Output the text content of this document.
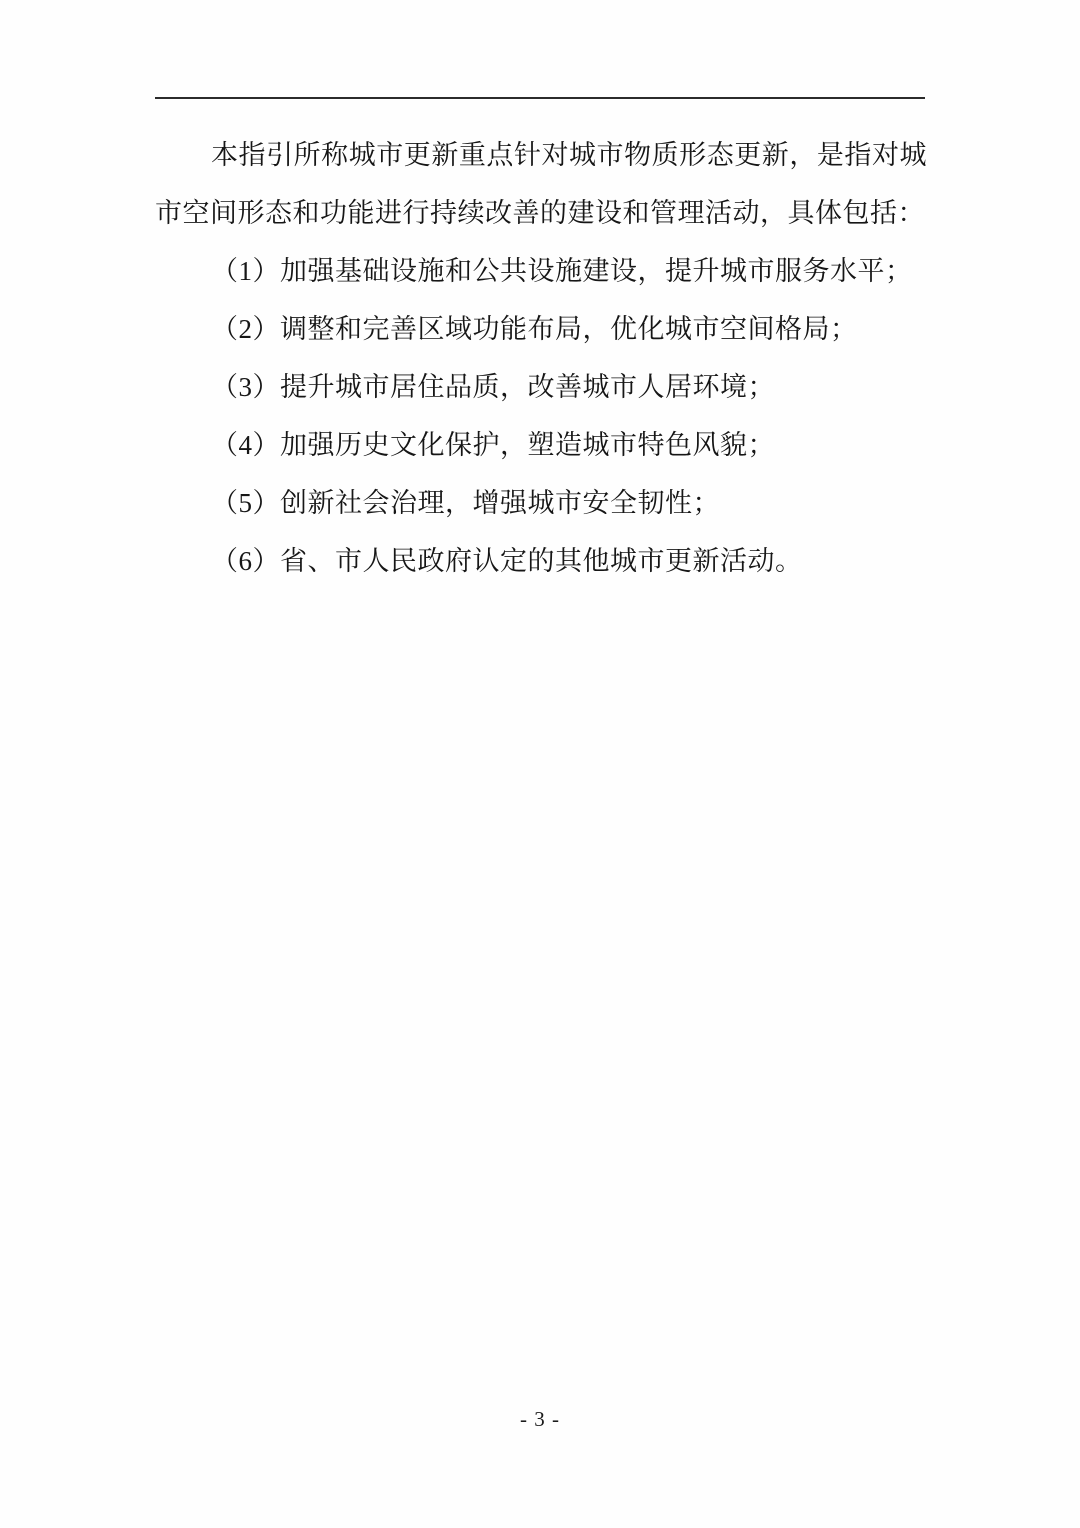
本指引所称城市更新重点针对城市物质形态更新，是指对城市空间形态和功能进行持续改善的建设和管理活动，具体包括：

（1）加强基础设施和公共设施建设，提升城市服务水平；

（2）调整和完善区域功能布局，优化城市空间格局；

（3）提升城市居住品质，改善城市人居环境；

（4）加强历史文化保护，塑造城市特色风貌；

（5）创新社会治理，增强城市安全韧性；

（6）省、市人民政府认定的其他城市更新活动。

- 3 -
